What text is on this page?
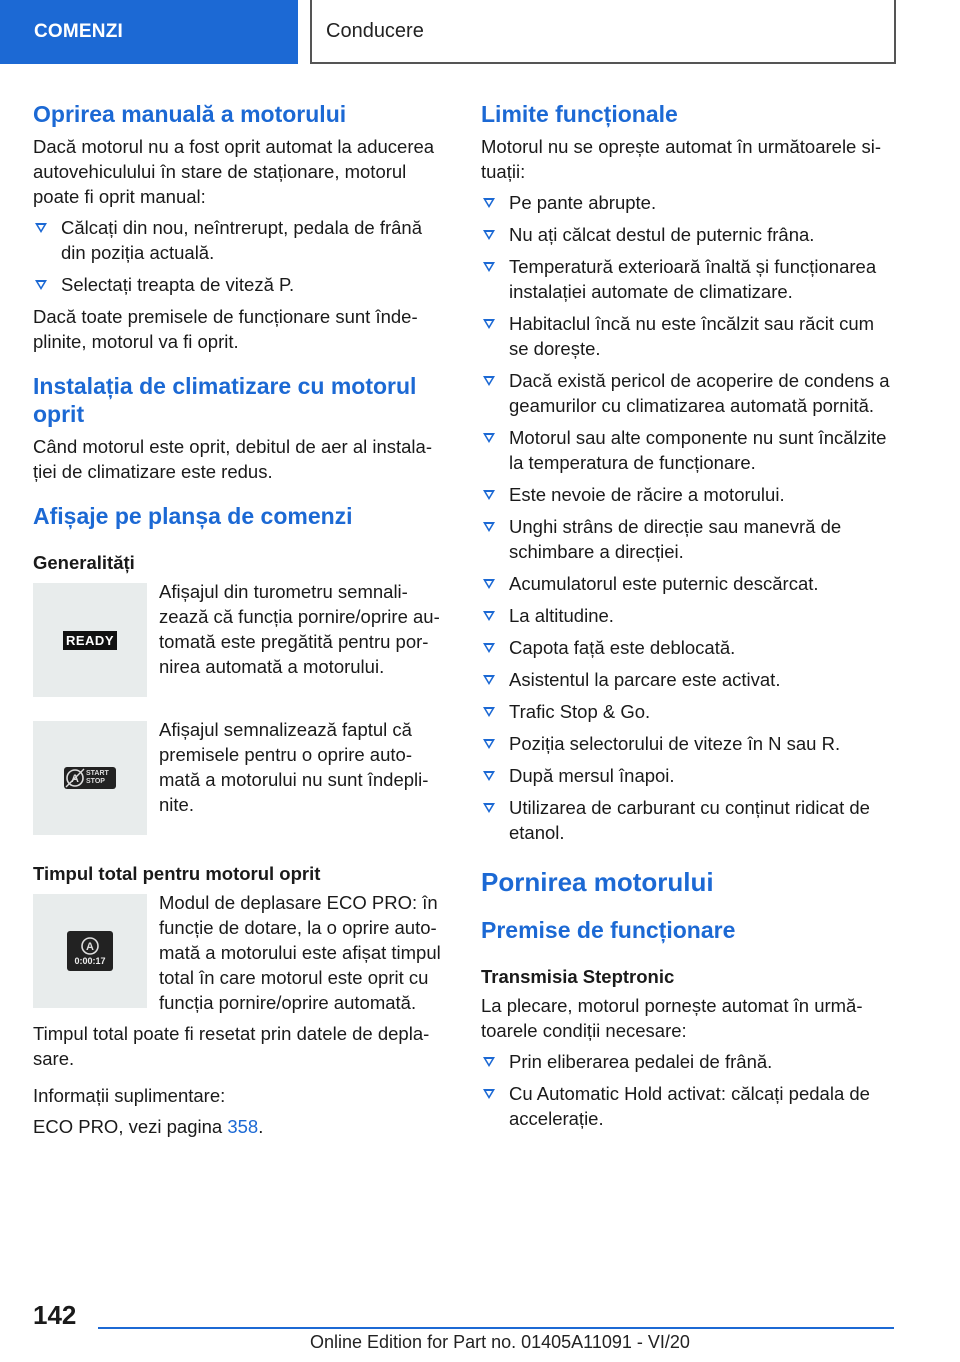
COMENZI	Conducere
Oprirea manuală a motorului

Dacă motorul nu a fost oprit automat la aducerea autovehiculului în stare de staționare, motorul poate fi oprit manual:

Călcați din nou, neîntrerupt, pedala de frână din poziția actuală.
Selectați treapta de viteză P.

Dacă toate premisele de funcționare sunt îndeplinite, motorul va fi oprit.

Instalația de climatizare cu motorul oprit

Când motorul este oprit, debitul de aer al instalației de climatizare este redus.

Afișaje pe planșa de comenzi
Generalități
READY

Afișajul din turometru semnalizează că funcția pornire/oprire automată este pregătită pentru pornirea automată a motorului.

A START
STOP

Afișajul semnalizează faptul că premisele pentru o oprire automată a motorului nu sunt îndeplinite.

Timpul total pentru motorul oprit
A
0:00:17

Modul de deplasare ECO PRO: în funcție de dotare, la o oprire automată a motorului este afișat timpul total în care motorul este oprit cu funcția pornire/oprire automată.

Timpul total poate fi resetat prin datele de deplasare.

Informații suplimentare:

ECO PRO, vezi pagina 358.

Limite funcționale

Motorul nu se oprește automat în următoarele situații:

Pe pante abrupte.
Nu ați călcat destul de puternic frâna.
Temperatură exterioară înaltă și funcționarea instalației automate de climatizare.
Habitaclul încă nu este încălzit sau răcit cum se dorește.
Dacă există pericol de acoperire de condens a geamurilor cu climatizarea automată pornită.
Motorul sau alte componente nu sunt încălzite la temperatura de funcționare.
Este nevoie de răcire a motorului.
Unghi strâns de direcție sau manevră de schimbare a direcției.
Acumulatorul este puternic descărcat.
La altitudine.
Capota față este deblocată.
Asistentul la parcare este activat.
Trafic Stop & Go.
Poziția selectorului de viteze în N sau R.
După mersul înapoi.
Utilizarea de carburant cu conținut ridicat de etanol.
Pornirea motorului
Premise de funcționare
Transmisia Steptronic

La plecare, motorul pornește automat în următoarele condiții necesare:

Prin eliberarea pedalei de frână.
Cu Automatic Hold activat: călcați pedala de accelerație.
142
Online Edition for Part no. 01405A11091 - VI/20
